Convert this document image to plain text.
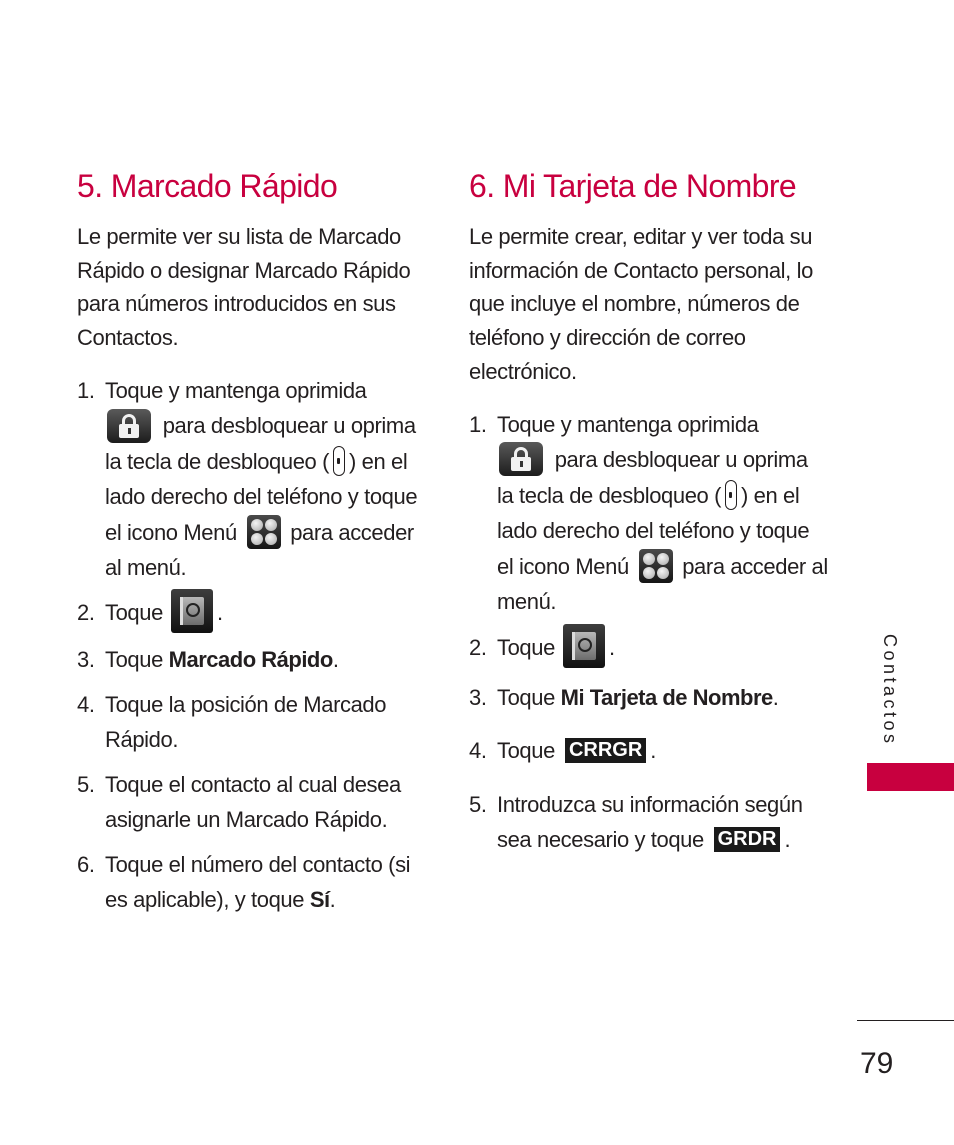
5. Marcado Rápido

Le permite ver su lista de Marcado Rápido o designar Marcado Rápido para números introducidos en sus Contactos.

1. Toque y mantenga oprimida

para desbloquear u oprima la tecla de desbloqueo ( ) en el lado derecho del teléfono y toque el icono Menú para acceder al menú.
2. Toque .
3. Toque Marcado Rápido.
4. Toque la posición de Marcado Rápido.
5. Toque el contacto al cual desea asignarle un Marcado Rápido.
6. Toque el número del contacto (si es aplicable), y toque Sí.
6. Mi Tarjeta de Nombre

Le permite crear, editar y ver toda su información de Contacto personal, lo que incluye el nombre, números de teléfono y dirección de correo electrónico.

1. Toque y mantenga oprimida

para desbloquear u oprima la tecla de desbloqueo ( ) en el lado derecho del teléfono y toque el icono Menú para acceder al menú.
2. Toque .
3. Toque Mi Tarjeta de Nombre.
4. Toque CRRGR .
5. Introduzca su información según sea necesario y toque GRDR .
Contactos
79
